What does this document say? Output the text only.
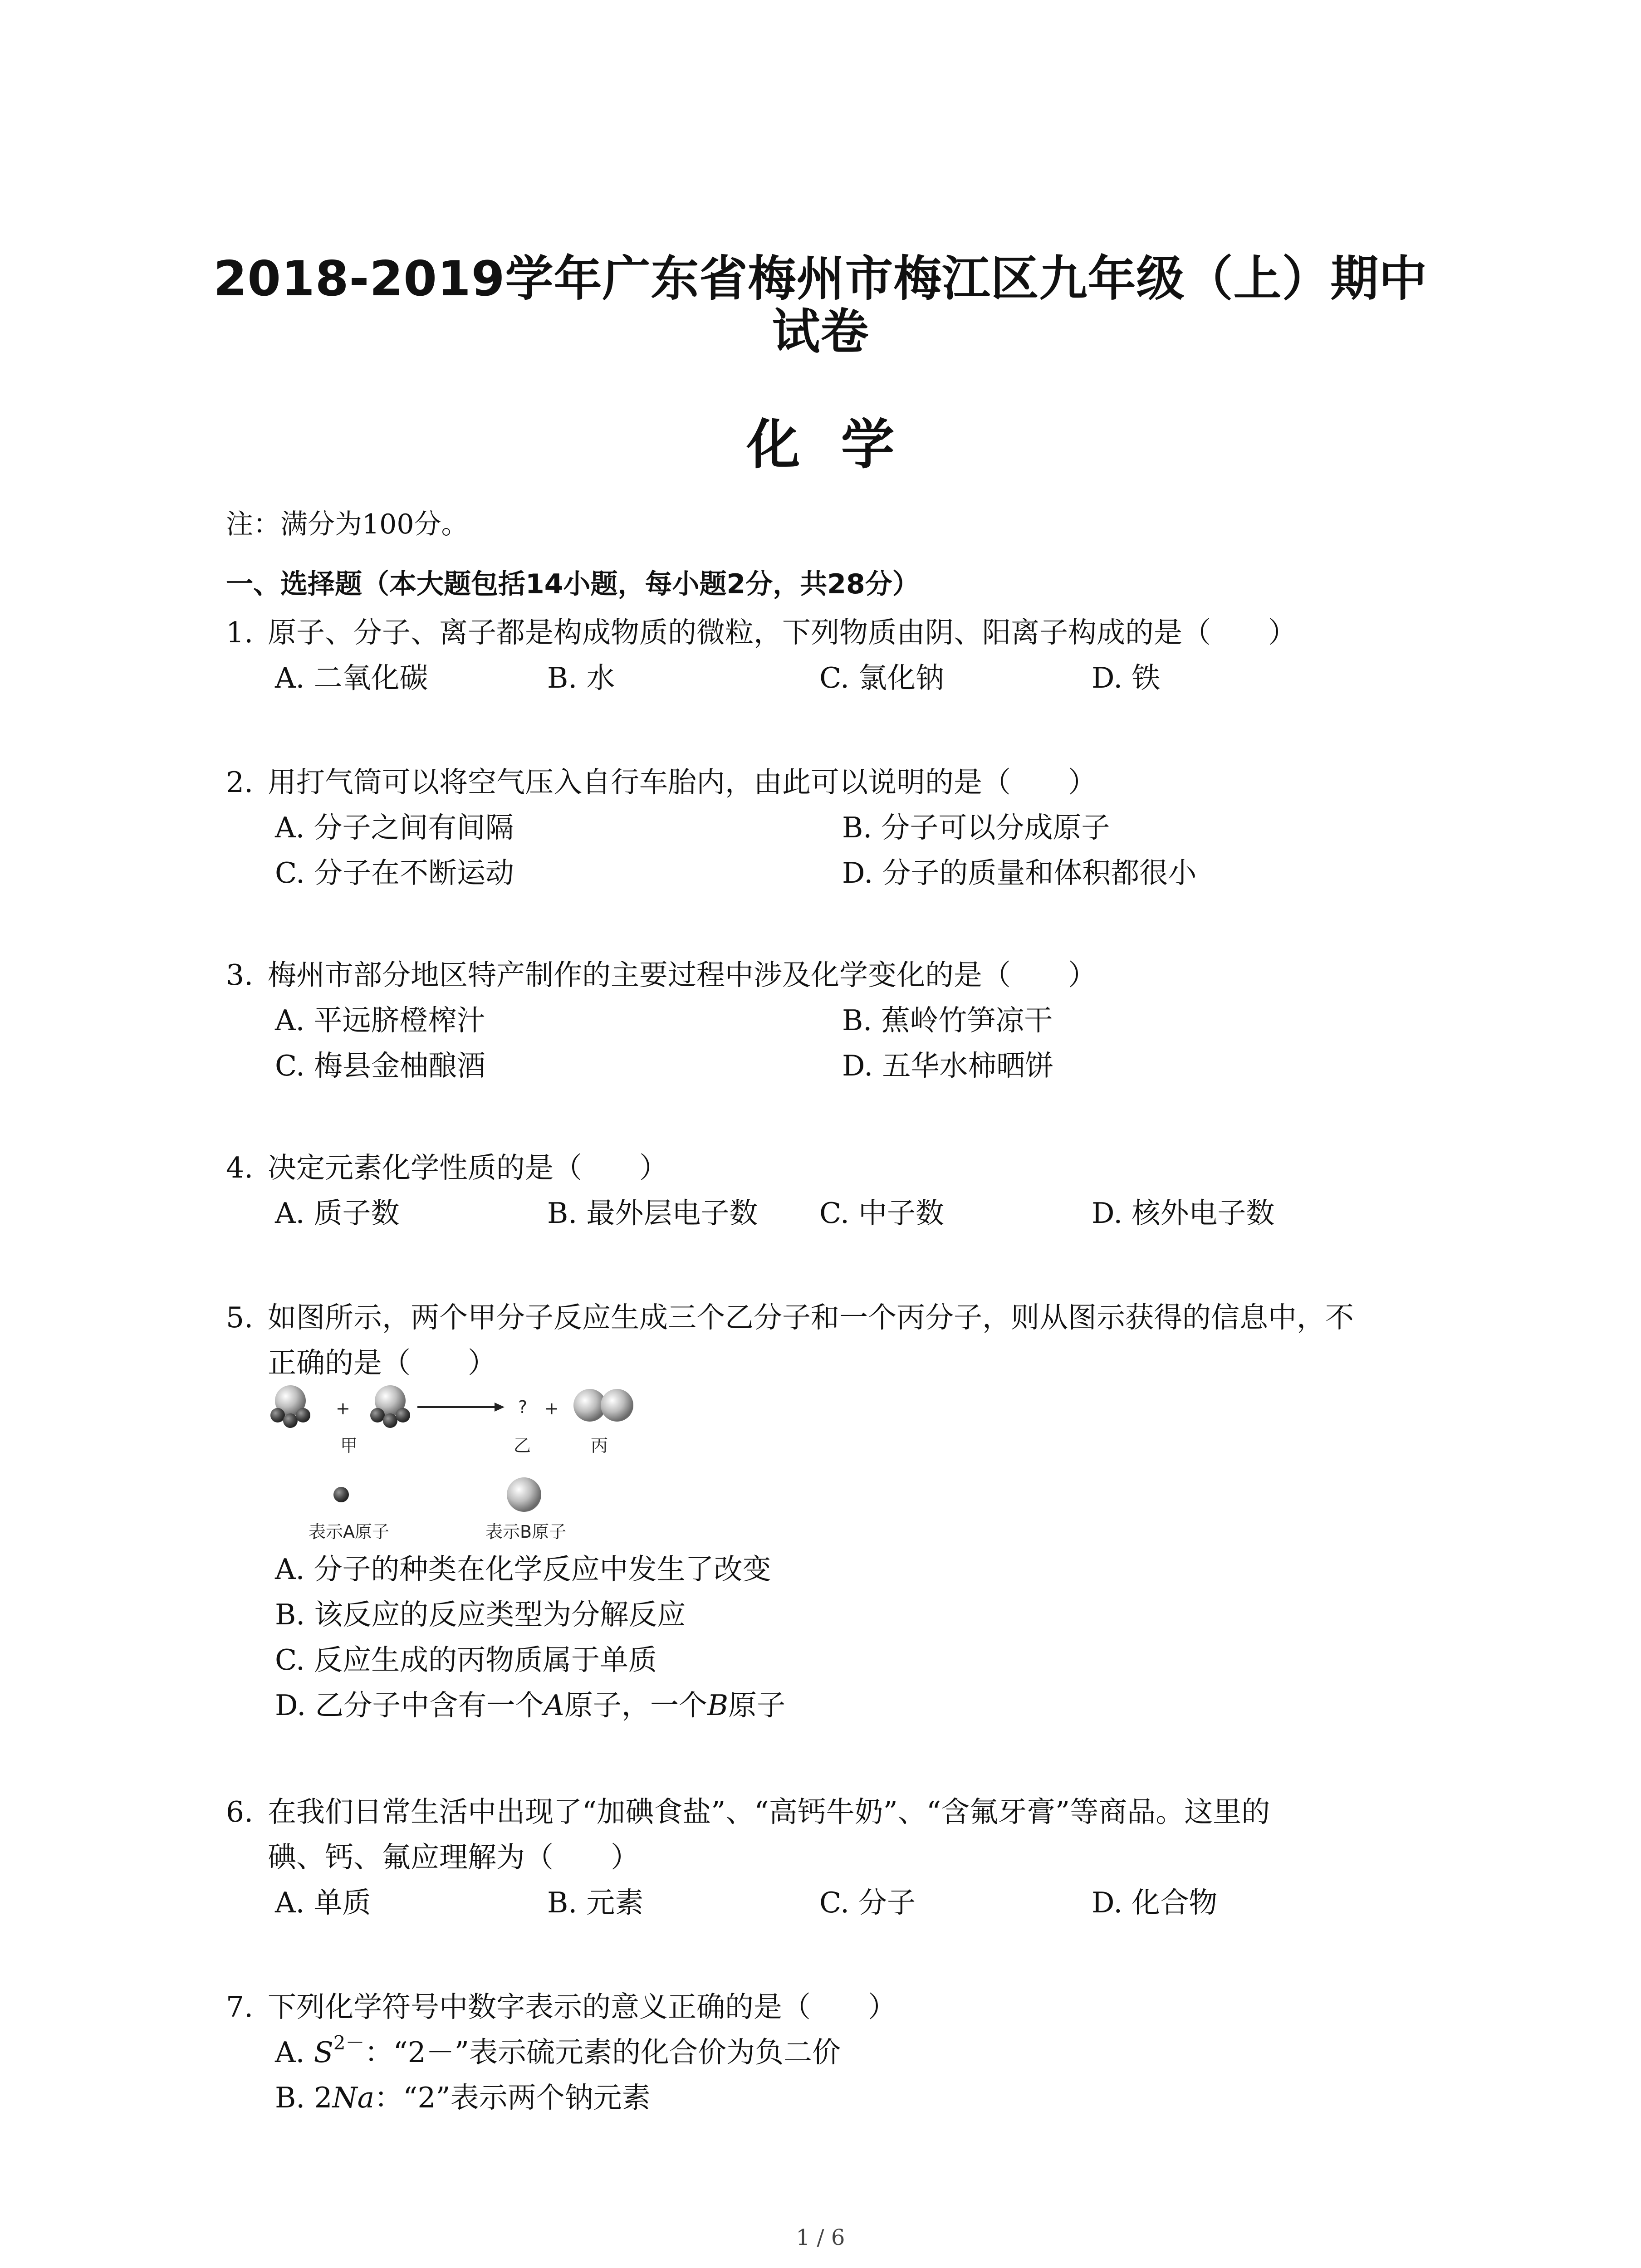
2018-2019学年广东省梅州市梅江区九年级（上）期中
试卷
化学
注：满分为100分。
一、选择题（本大题包括14小题，每小题2分，共28分）
1. 原子、分子、离子都是构成物质的微粒，下列物质由阴、阳离子构成的是（　　）
A. 二氧化碳	B. 水	C. 氯化钠	D. 铁
2. 用打气筒可以将空气压入自行车胎内，由此可以说明的是（　　）
A. 分子之间有间隔	B. 分子可以分成原子
C. 分子在不断运动	D. 分子的质量和体积都很小
3. 梅州市部分地区特产制作的主要过程中涉及化学变化的是（　　）
A. 平远脐橙榨汁	B. 蕉岭竹笋凉干
C. 梅县金柚酿酒	D. 五华水柿晒饼
4. 决定元素化学性质的是（　　）
A. 质子数	B. 最外层电子数 C. 中子数	D. 核外电子数
5. 如图所示，两个甲分子反应生成三个乙分子和一个丙分子，则从图示获得的信息中，不
正确的是（　　）
+	? +
甲	乙	丙
表示A原子	表示B原子
A. 分子的种类在化学反应中发生了改变
B. 该反应的反应类型为分解反应
C. 反应生成的丙物质属于单质
D. 乙分子中含有一个A原子，一个B原子
6. 在我们日常生活中出现了“加碘食盐”、“高钙牛奶”、“含氟牙膏”等商品。这里的
碘、钙、氟应理解为（　　）
A. 单质	B. 元素	C. 分子	D. 化合物
7. 下列化学符号中数字表示的意义正确的是（　　）
A. $S^{2-}$：“2－”表示硫元素的化合价为负二价
B. 2Na：“2”表示两个钠元素
1 / 6
